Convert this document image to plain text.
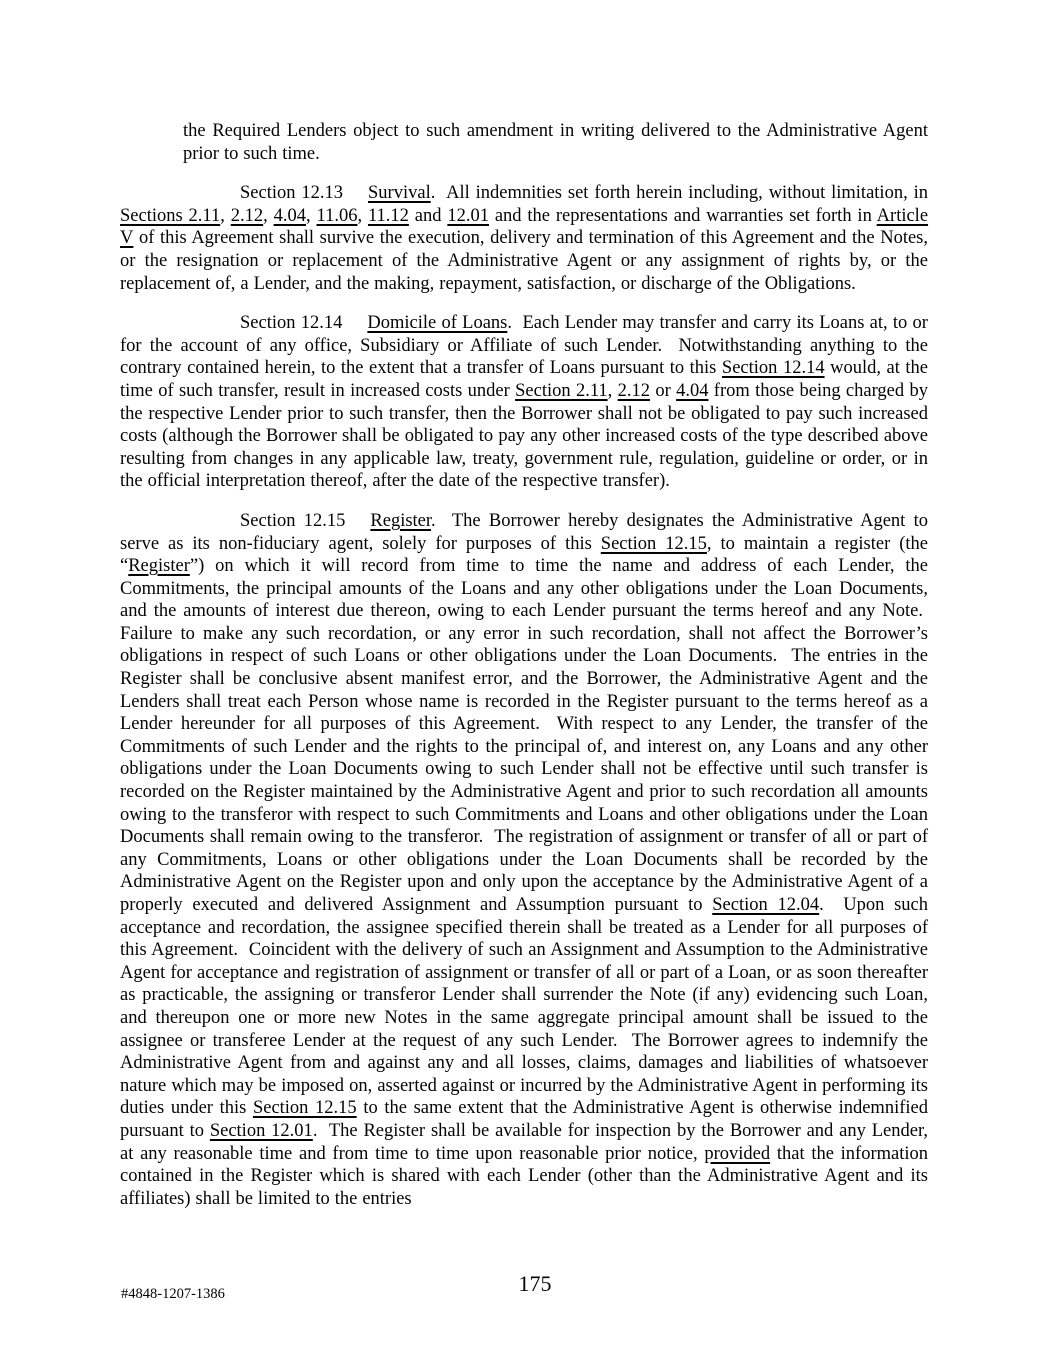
the Required Lenders object to such amendment in writing delivered to the Administrative Agent prior to such time.

Section 12.13 Survival.  All indemnities set forth herein including, without limitation, in Sections 2.11, 2.12, 4.04, 11.06, 11.12 and 12.01 and the representations and warranties set forth in Article V of this Agreement shall survive the execution, delivery and termination of this Agreement and the Notes, or the resignation or replacement of the Administrative Agent or any assignment of rights by, or the replacement of, a Lender, and the making, repayment, satisfaction, or discharge of the Obligations.

Section 12.14 Domicile of Loans.  Each Lender may transfer and carry its Loans at, to or for the account of any office, Subsidiary or Affiliate of such Lender.  Notwithstanding anything to the contrary contained herein, to the extent that a transfer of Loans pursuant to this Section 12.14 would, at the time of such transfer, result in increased costs under Section 2.11, 2.12 or 4.04 from those being charged by the respective Lender prior to such transfer, then the Borrower shall not be obligated to pay such increased costs (although the Borrower shall be obligated to pay any other increased costs of the type described above resulting from changes in any applicable law, treaty, government rule, regulation, guideline or order, or in the official interpretation thereof, after the date of the respective transfer).

Section 12.15 Register.  The Borrower hereby designates the Administrative Agent to serve as its non-fiduciary agent, solely for purposes of this Section 12.15, to maintain a register (the “Register”) on which it will record from time to time the name and address of each Lender, the Commitments, the principal amounts of the Loans and any other obligations under the Loan Documents, and the amounts of interest due thereon, owing to each Lender pursuant the terms hereof and any Note.  Failure to make any such recordation, or any error in such recordation, shall not affect the Borrower’s obligations in respect of such Loans or other obligations under the Loan Documents.  The entries in the Register shall be conclusive absent manifest error, and the Borrower, the Administrative Agent and the Lenders shall treat each Person whose name is recorded in the Register pursuant to the terms hereof as a Lender hereunder for all purposes of this Agreement.  With respect to any Lender, the transfer of the Commitments of such Lender and the rights to the principal of, and interest on, any Loans and any other obligations under the Loan Documents owing to such Lender shall not be effective until such transfer is recorded on the Register maintained by the Administrative Agent and prior to such recordation all amounts owing to the transferor with respect to such Commitments and Loans and other obligations under the Loan Documents shall remain owing to the transferor.  The registration of assignment or transfer of all or part of any Commitments, Loans or other obligations under the Loan Documents shall be recorded by the Administrative Agent on the Register upon and only upon the acceptance by the Administrative Agent of a properly executed and delivered Assignment and Assumption pursuant to Section 12.04.  Upon such acceptance and recordation, the assignee specified therein shall be treated as a Lender for all purposes of this Agreement.  Coincident with the delivery of such an Assignment and Assumption to the Administrative Agent for acceptance and registration of assignment or transfer of all or part of a Loan, or as soon thereafter as practicable, the assigning or transferor Lender shall surrender the Note (if any) evidencing such Loan, and thereupon one or more new Notes in the same aggregate principal amount shall be issued to the assignee or transferee Lender at the request of any such Lender.  The Borrower agrees to indemnify the Administrative Agent from and against any and all losses, claims, damages and liabilities of whatsoever nature which may be imposed on, asserted against or incurred by the Administrative Agent in performing its duties under this Section 12.15 to the same extent that the Administrative Agent is otherwise indemnified pursuant to Section 12.01.  The Register shall be available for inspection by the Borrower and any Lender, at any reasonable time and from time to time upon reasonable prior notice, provided that the information contained in the Register which is shared with each Lender (other than the Administrative Agent and its affiliates) shall be limited to the entries

#4848-1207-1386	175
